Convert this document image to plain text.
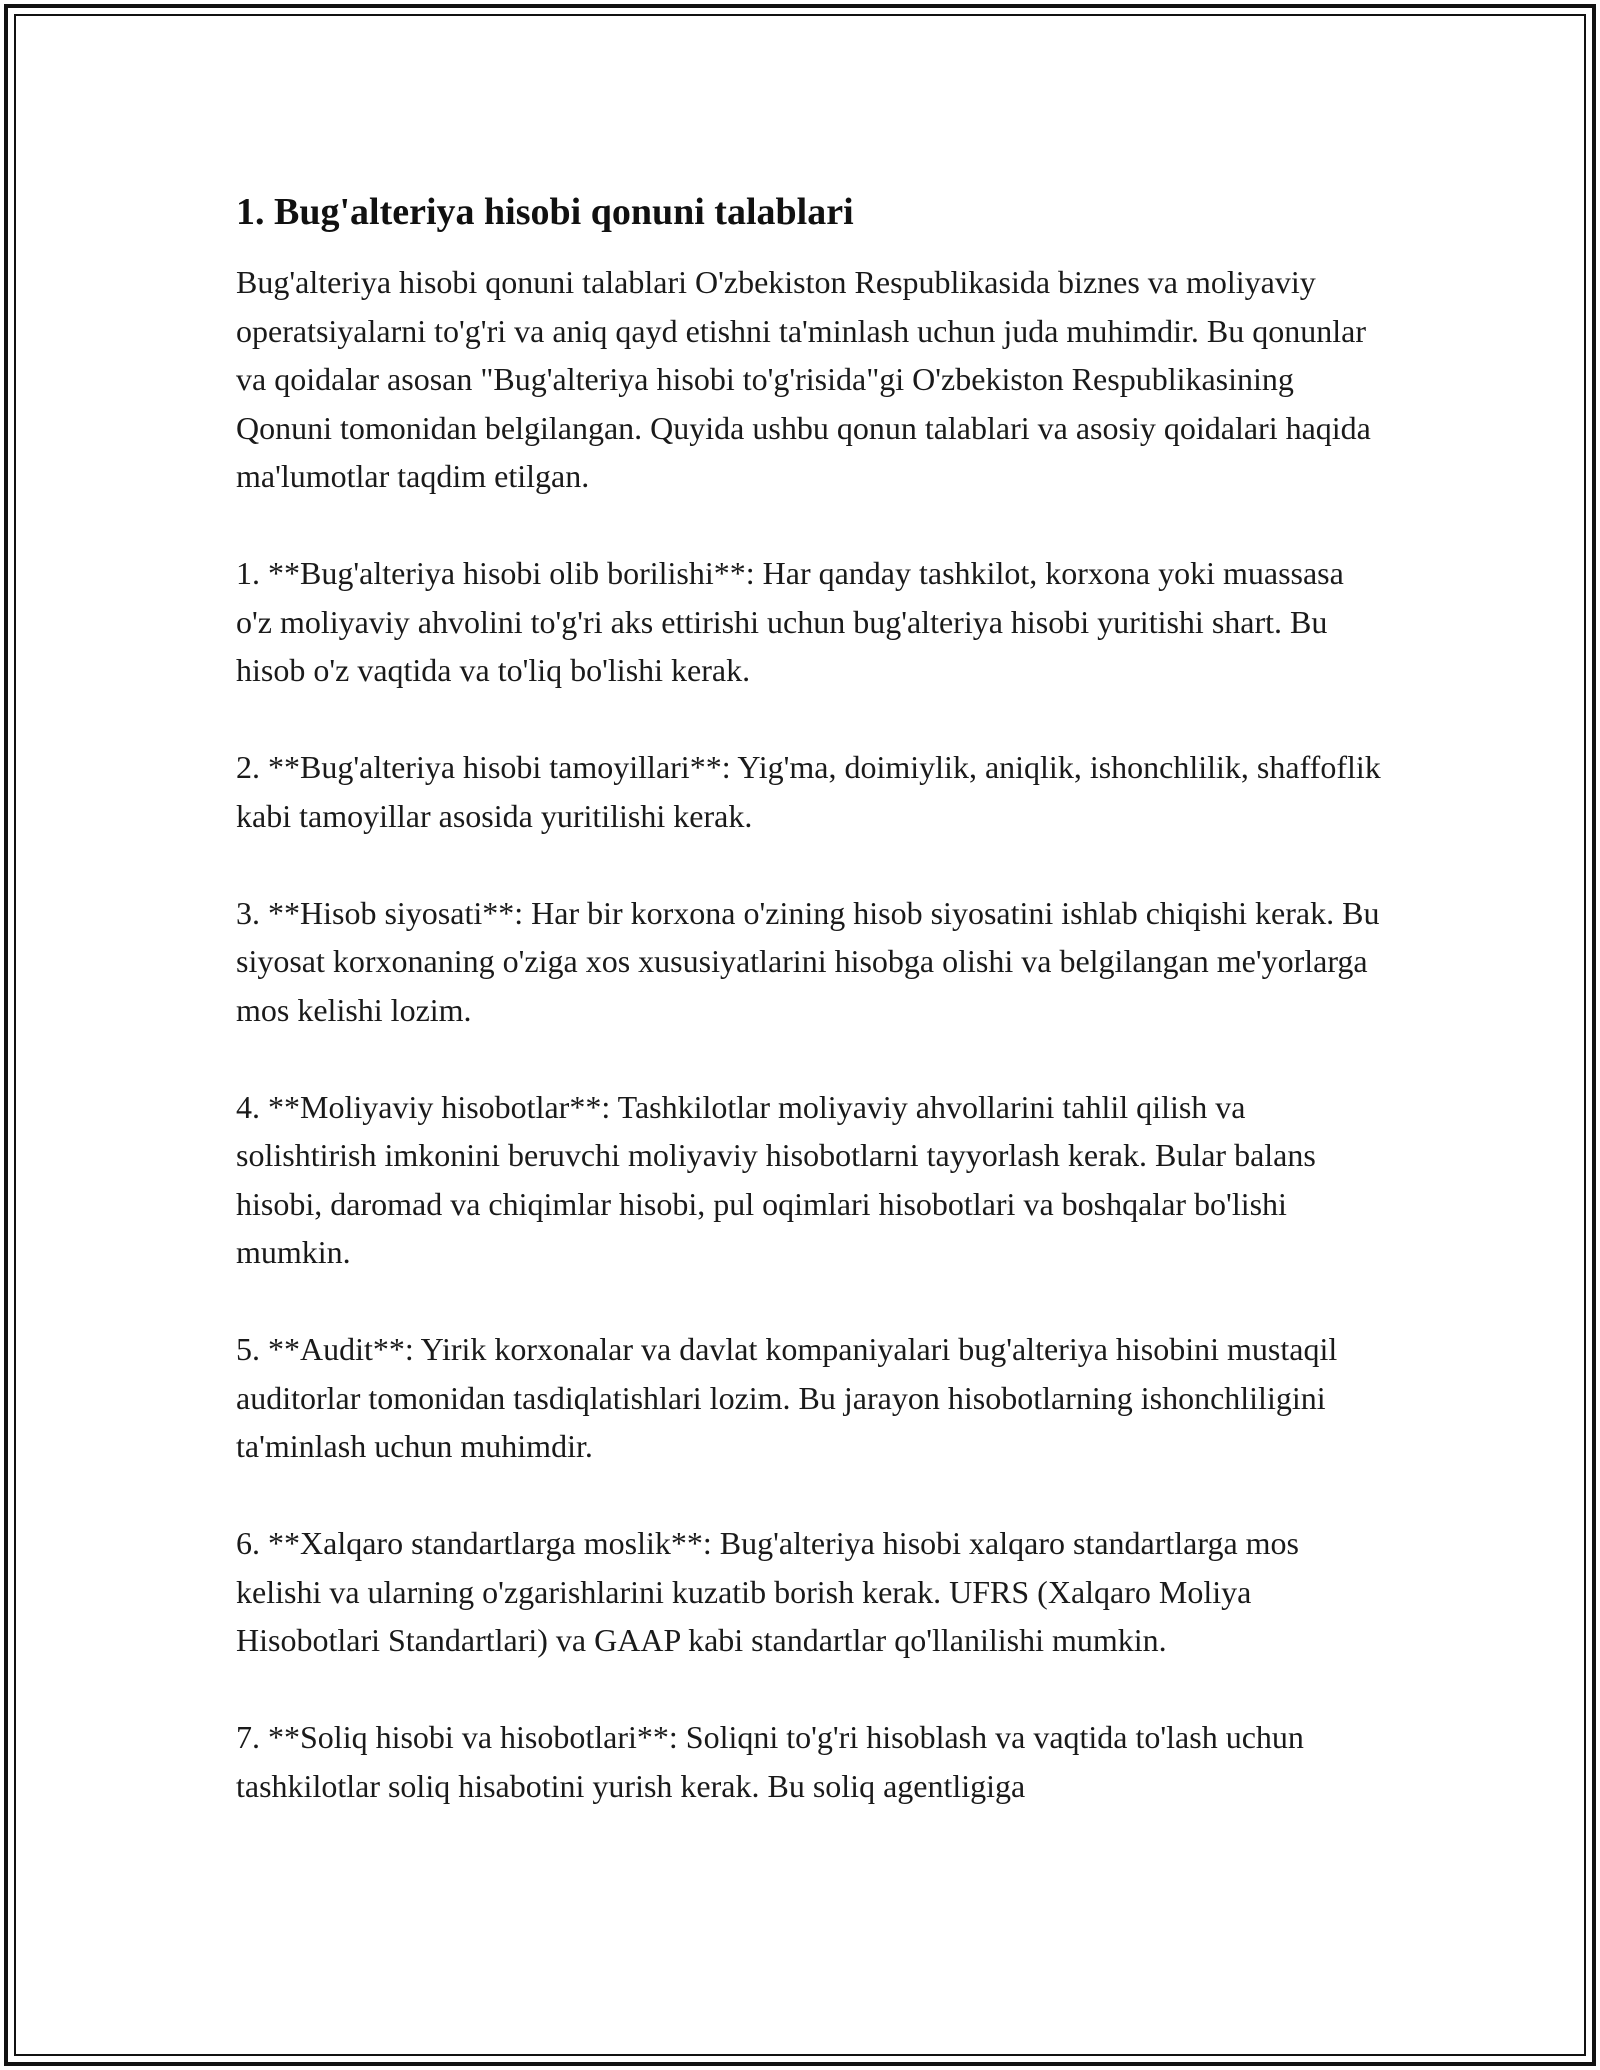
1. Bug'alteriya hisobi qonuni talablari

Bug'alteriya hisobi qonuni talablari O'zbekiston Respublikasida biznes va moliyaviy operatsiyalarni to'g'ri va aniq qayd etishni ta'minlash uchun juda muhimdir. Bu qonunlar va qoidalar asosan "Bug'alteriya hisobi to'g'risida"gi O'zbekiston Respublikasining Qonuni tomonidan belgilangan. Quyida ushbu qonun talablari va asosiy qoidalari haqida ma'lumotlar taqdim etilgan.

1. **Bug'alteriya hisobi olib borilishi**: Har qanday tashkilot, korxona yoki muassasa o'z moliyaviy ahvolini to'g'ri aks ettirishi uchun bug'alteriya hisobi yuritishi shart. Bu hisob o'z vaqtida va to'liq bo'lishi kerak.

2. **Bug'alteriya hisobi tamoyillari**: Yig'ma, doimiylik, aniqlik, ishonchlilik, shaffoflik kabi tamoyillar asosida yuritilishi kerak.

3. **Hisob siyosati**: Har bir korxona o'zining hisob siyosatini ishlab chiqishi kerak. Bu siyosat korxonaning o'ziga xos xususiyatlarini hisobga olishi va belgilangan me'yorlarga mos kelishi lozim.

4. **Moliyaviy hisobotlar**: Tashkilotlar moliyaviy ahvollarini tahlil qilish va solishtirish imkonini beruvchi moliyaviy hisobotlarni tayyorlash kerak. Bular balans hisobi, daromad va chiqimlar hisobi, pul oqimlari hisobotlari va boshqalar bo'lishi mumkin.

5. **Audit**: Yirik korxonalar va davlat kompaniyalari bug'alteriya hisobini mustaqil auditorlar tomonidan tasdiqlatishlari lozim. Bu jarayon hisobotlarning ishonchliligini ta'minlash uchun muhimdir.

6. **Xalqaro standartlarga moslik**: Bug'alteriya hisobi xalqaro standartlarga mos kelishi va ularning o'zgarishlarini kuzatib borish kerak. UFRS (Xalqaro Moliya Hisobotlari Standartlari) va GAAP kabi standartlar qo'llanilishi mumkin.

7. **Soliq hisobi va hisobotlari**: Soliqni to'g'ri hisoblash va vaqtida to'lash uchun tashkilotlar soliq hisabotini yurish kerak. Bu soliq agentligiga
